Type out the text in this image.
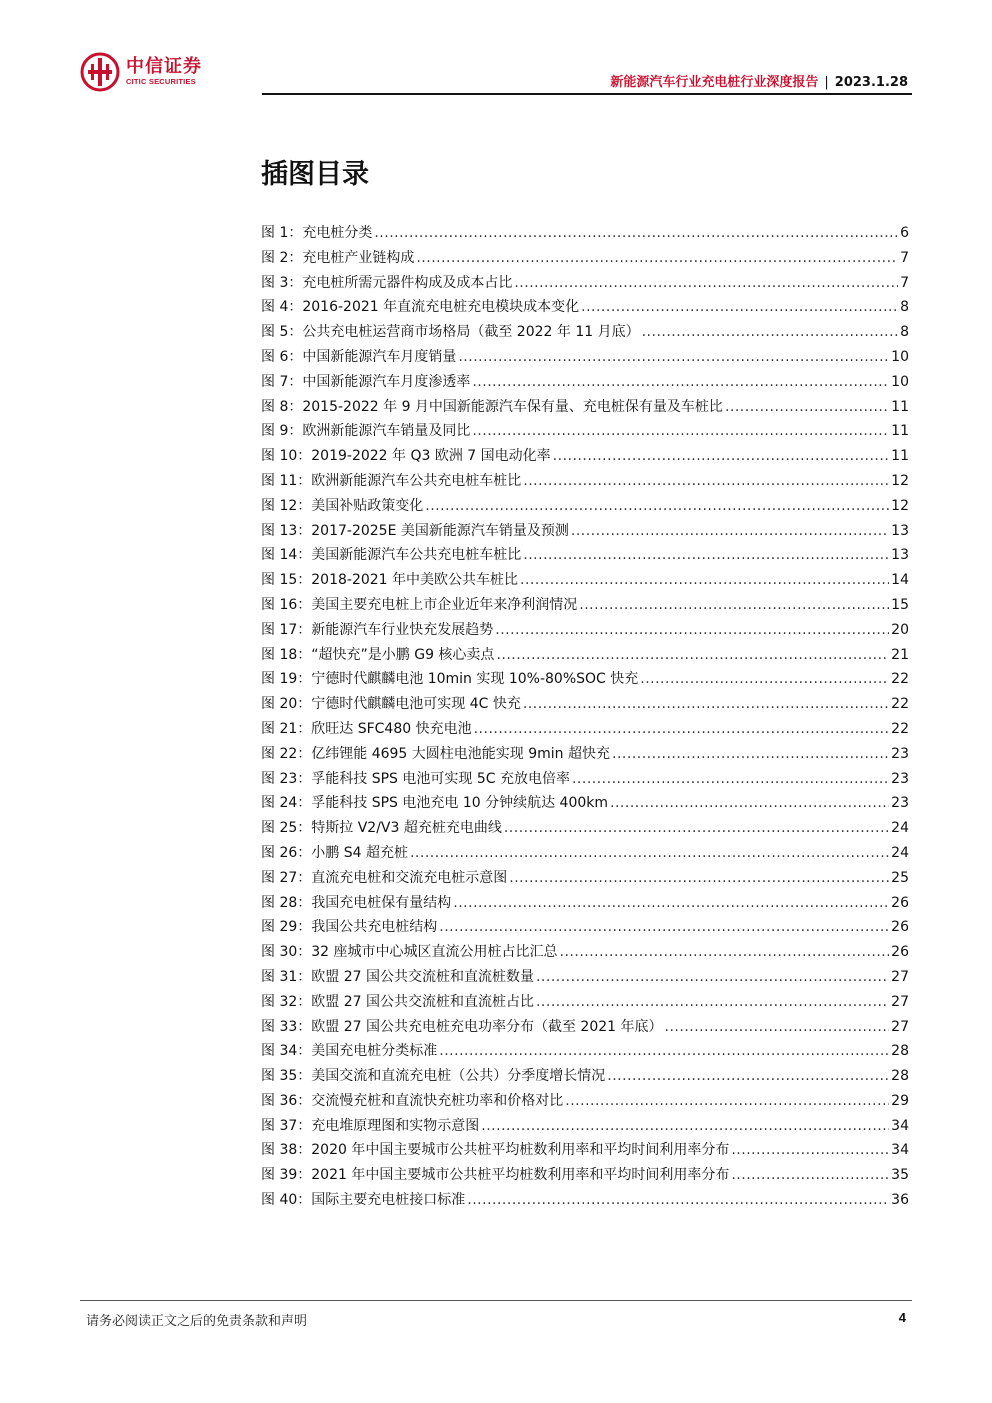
中信证券
CITIC SECURITIES	新能源汽车行业充电桩行业深度报告 | 2023.1.28
插图目录
图 1：充电桩分类 .....	6
图 2：充电桩产业链构成 .....	7
图 3：充电桩所需元器件构成及成本占比 .....	7
图 4：2016-2021 年直流充电桩充电模块成本变化 .....	8
图 5：公共充电桩运营商市场格局（截至 2022 年 11 月底） .....	8
图 6：中国新能源汽车月度销量 .....	10
图 7：中国新能源汽车月度渗透率 .....	10
图 8：2015-2022 年 9 月中国新能源汽车保有量、充电桩保有量及车桩比 .....	11
图 9：欧洲新能源汽车销量及同比 .....	11
图 10：2019-2022 年 Q3 欧洲 7 国电动化率 .....	11
图 11：欧洲新能源汽车公共充电桩车桩比 .....	12
图 12：美国补贴政策变化 .....	12
图 13：2017-2025E 美国新能源汽车销量及预测 .....	13
图 14：美国新能源汽车公共充电桩车桩比 .....	13
图 15：2018-2021 年中美欧公共车桩比 .....	14
图 16：美国主要充电桩上市企业近年来净利润情况 .....	15
图 17：新能源汽车行业快充发展趋势 .....	20
图 18：“超快充”是小鹏 G9 核心卖点 .....	21
图 19：宁德时代麒麟电池 10min 实现 10%-80%SOC 快充 .....	22
图 20：宁德时代麒麟电池可实现 4C 快充 .....	22
图 21：欣旺达 SFC480 快充电池 .....	22
图 22：亿纬锂能 4695 大圆柱电池能实现 9min 超快充 .....	23
图 23：孚能科技 SPS 电池可实现 5C 充放电倍率 .....	23
图 24：孚能科技 SPS 电池充电 10 分钟续航达 400km .....	23
图 25：特斯拉 V2/V3 超充桩充电曲线 .....	24
图 26：小鹏 S4 超充桩 .....	24
图 27：直流充电桩和交流充电桩示意图 .....	25
图 28：我国充电桩保有量结构 .....	26
图 29：我国公共充电桩结构 .....	26
图 30：32 座城市中心城区直流公用桩占比汇总 .....	26
图 31：欧盟 27 国公共交流桩和直流桩数量 .....	27
图 32：欧盟 27 国公共交流桩和直流桩占比 .....	27
图 33：欧盟 27 国公共充电桩充电功率分布（截至 2021 年底） .....	27
图 34：美国充电桩分类标准 .....	28
图 35：美国交流和直流充电桩（公共）分季度增长情况 .....	28
图 36：交流慢充桩和直流快充桩功率和价格对比 .....	29
图 37：充电堆原理图和实物示意图 .....	34
图 38：2020 年中国主要城市公共桩平均桩数利用率和平均时间利用率分布 .....	34
图 39：2021 年中国主要城市公共桩平均桩数利用率和平均时间利用率分布 .....	35
图 40：国际主要充电桩接口标准 .....	36
请务必阅读正文之后的免责条款和声明	4
